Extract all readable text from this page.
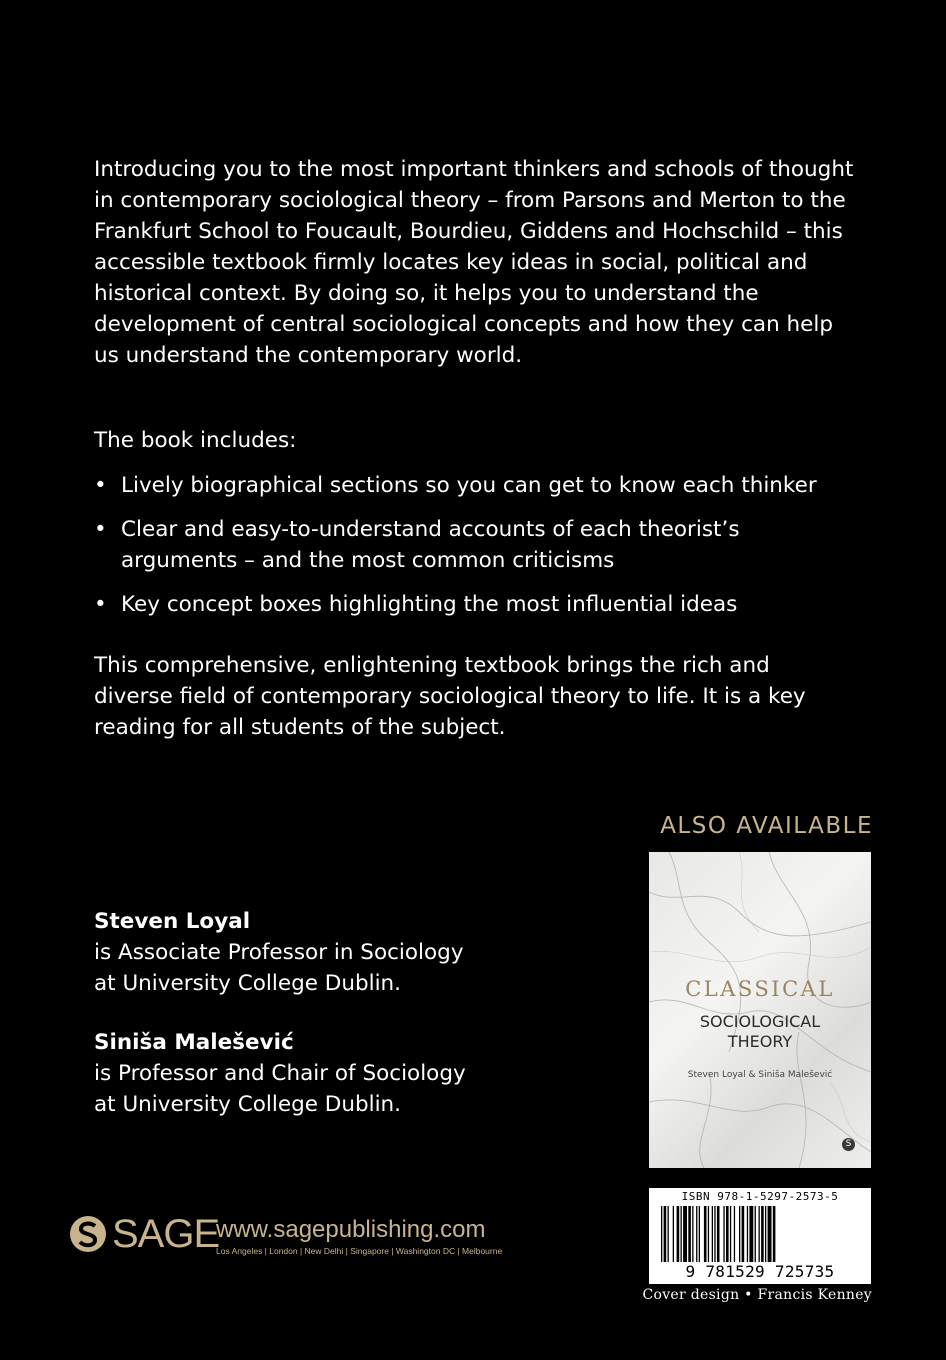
Introducing you to the most important thinkers and schools of thought in contemporary sociological theory – from Parsons and Merton to the Frankfurt School to Foucault, Bourdieu, Giddens and Hochschild – this accessible textbook firmly locates key ideas in social, political and historical context. By doing so, it helps you to understand the development of central sociological concepts and how they can help us understand the contemporary world.

The book includes:

• Lively biographical sections so you can get to know each thinker
• Clear and easy-to-understand accounts of each theorist’s arguments – and the most common criticisms
• Key concept boxes highlighting the most influential ideas

This comprehensive, enlightening textbook brings the rich and diverse field of contemporary sociological theory to life. It is a key reading for all students of the subject.

Steven Loyal
is Associate Professor in Sociology
at University College Dublin.
Siniša Malešević
is Professor and Chair of Sociology
at University College Dublin.
ALSO AVAILABLE
CLASSICAL
SOCIOLOGICAL
THEORY
Steven Loyal & Siniša Malešević
S
ISBN 978-1-5297-2573-5
9 781529 725735
Cover design • Francis Kenney
SAGE
www.sagepublishing.com
Los Angeles | London | New Delhi | Singapore | Washington DC | Melbourne
